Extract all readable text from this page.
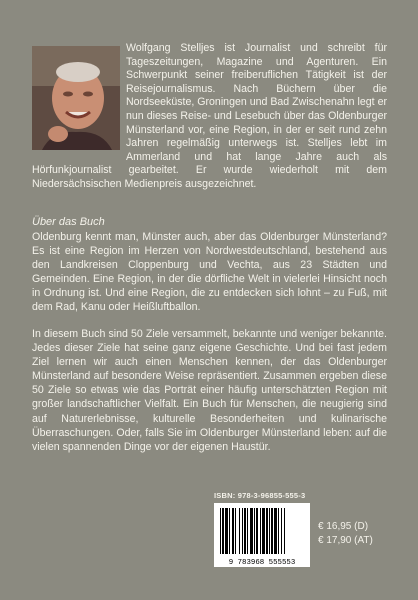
Wolfgang Stelljes ist Journalist und schreibt für Tageszeitungen, Magazine und Agenturen. Ein Schwerpunkt seiner freiberuflichen Tätigkeit ist der Reisejournalismus. Nach Büchern über die Nordseeküste, Groningen und Bad Zwischenahn legt er nun dieses Reise- und Lesebuch über das Oldenburger Münsterland vor, eine Region, in der er seit rund zehn Jahren regelmäßig unterwegs ist. Stelljes lebt im Ammerland und hat lange Jahre auch als Hörfunkjournalist gearbeitet. Er wurde wiederholt mit dem Niedersächsischen Medienpreis ausgezeichnet.
Über das Buch
Oldenburg kennt man, Münster auch, aber das Oldenburger Münsterland? Es ist eine Region im Herzen von Nordwestdeutschland, bestehend aus den Landkreisen Cloppenburg und Vechta, aus 23 Städten und Gemeinden. Eine Region, in der die dörfliche Welt in vielerlei Hinsicht noch in Ordnung ist. Und eine Region, die zu entdecken sich lohnt – zu Fuß, mit dem Rad, Kanu oder Heißluftballon.
In diesem Buch sind 50 Ziele versammelt, bekannte und weniger bekannte. Jedes dieser Ziele hat seine ganz eigene Geschichte. Und bei fast jedem Ziel lernen wir auch einen Menschen kennen, der das Oldenburger Münsterland auf besondere Weise repräsentiert. Zusammen ergeben diese 50 Ziele so etwas wie das Porträt einer häufig unterschätzten Region mit großer landschaftlicher Vielfalt. Ein Buch für Menschen, die neugierig sind auf Naturerlebnisse, kulturelle Besonderheiten und kulinarische Überraschungen. Oder, falls Sie im Oldenburger Münsterland leben: auf die vielen spannenden Dinge vor der eigenen Haustür.
ISBN: 978-3-96855-555-3
9 783968 555553
€ 16,95 (D)
€ 17,90 (AT)
